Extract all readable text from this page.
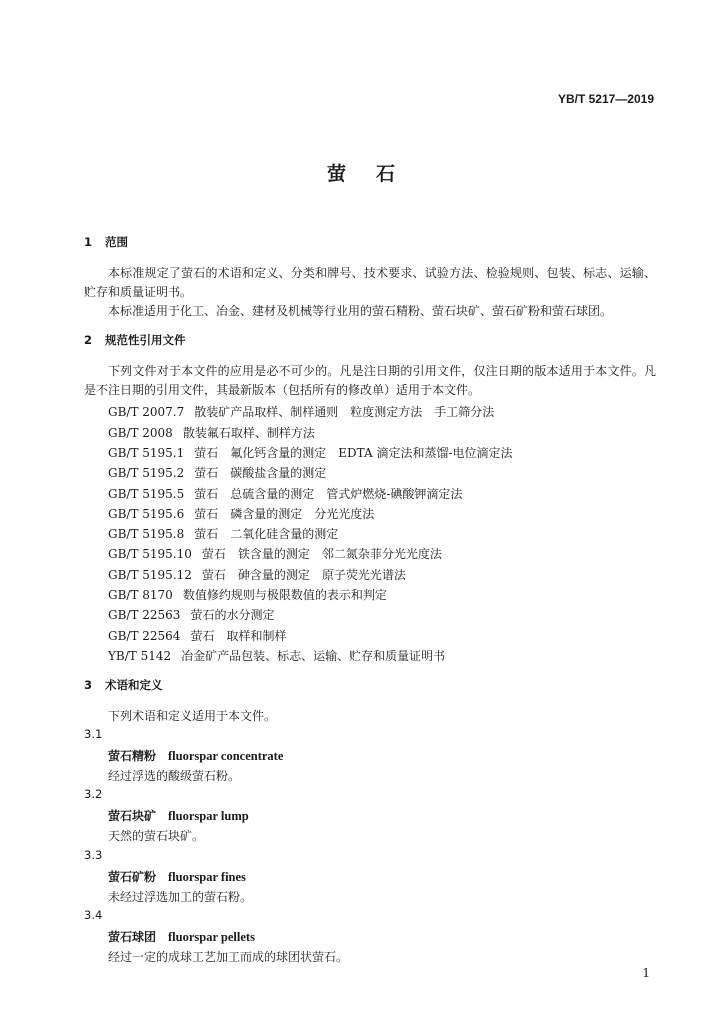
YB/T 5217—2019
萤 石
1 范围
本标准规定了萤石的术语和定义、分类和牌号、技术要求、试验方法、检验规则、包装、标志、运输、贮存和质量证明书。
本标准适用于化工、冶金、建材及机械等行业用的萤石精粉、萤石块矿、萤石矿粉和萤石球团。
2 规范性引用文件
下列文件对于本文件的应用是必不可少的。凡是注日期的引用文件，仅注日期的版本适用于本文件。凡是不注日期的引用文件，其最新版本（包括所有的修改单）适用于本文件。
GB/T 2007.7 散装矿产品取样、制样通则　粒度测定方法　手工筛分法
GB/T 2008 散装氟石取样、制样方法
GB/T 5195.1 萤石　氟化钙含量的测定　EDTA 滴定法和蒸馏-电位滴定法
GB/T 5195.2 萤石　碳酸盐含量的测定
GB/T 5195.5 萤石　总硫含量的测定　管式炉燃烧-碘酸钾滴定法
GB/T 5195.6 萤石　磷含量的测定　分光光度法
GB/T 5195.8 萤石　二氧化硅含量的测定
GB/T 5195.10 萤石　铁含量的测定　邻二氮杂菲分光光度法
GB/T 5195.12 萤石　砷含量的测定　原子荧光光谱法
GB/T 8170 数值修约规则与极限数值的表示和判定
GB/T 22563 萤石的水分测定
GB/T 22564 萤石　取样和制样
YB/T 5142 冶金矿产品包装、标志、运输、贮存和质量证明书
3 术语和定义
下列术语和定义适用于本文件。
3.1
萤石精粉 fluorspar concentrate
经过浮选的酸级萤石粉。
3.2
萤石块矿 fluorspar lump
天然的萤石块矿。
3.3
萤石矿粉 fluorspar fines
未经过浮选加工的萤石粉。
3.4
萤石球团 fluorspar pellets
经过一定的成球工艺加工而成的球团状萤石。
1
